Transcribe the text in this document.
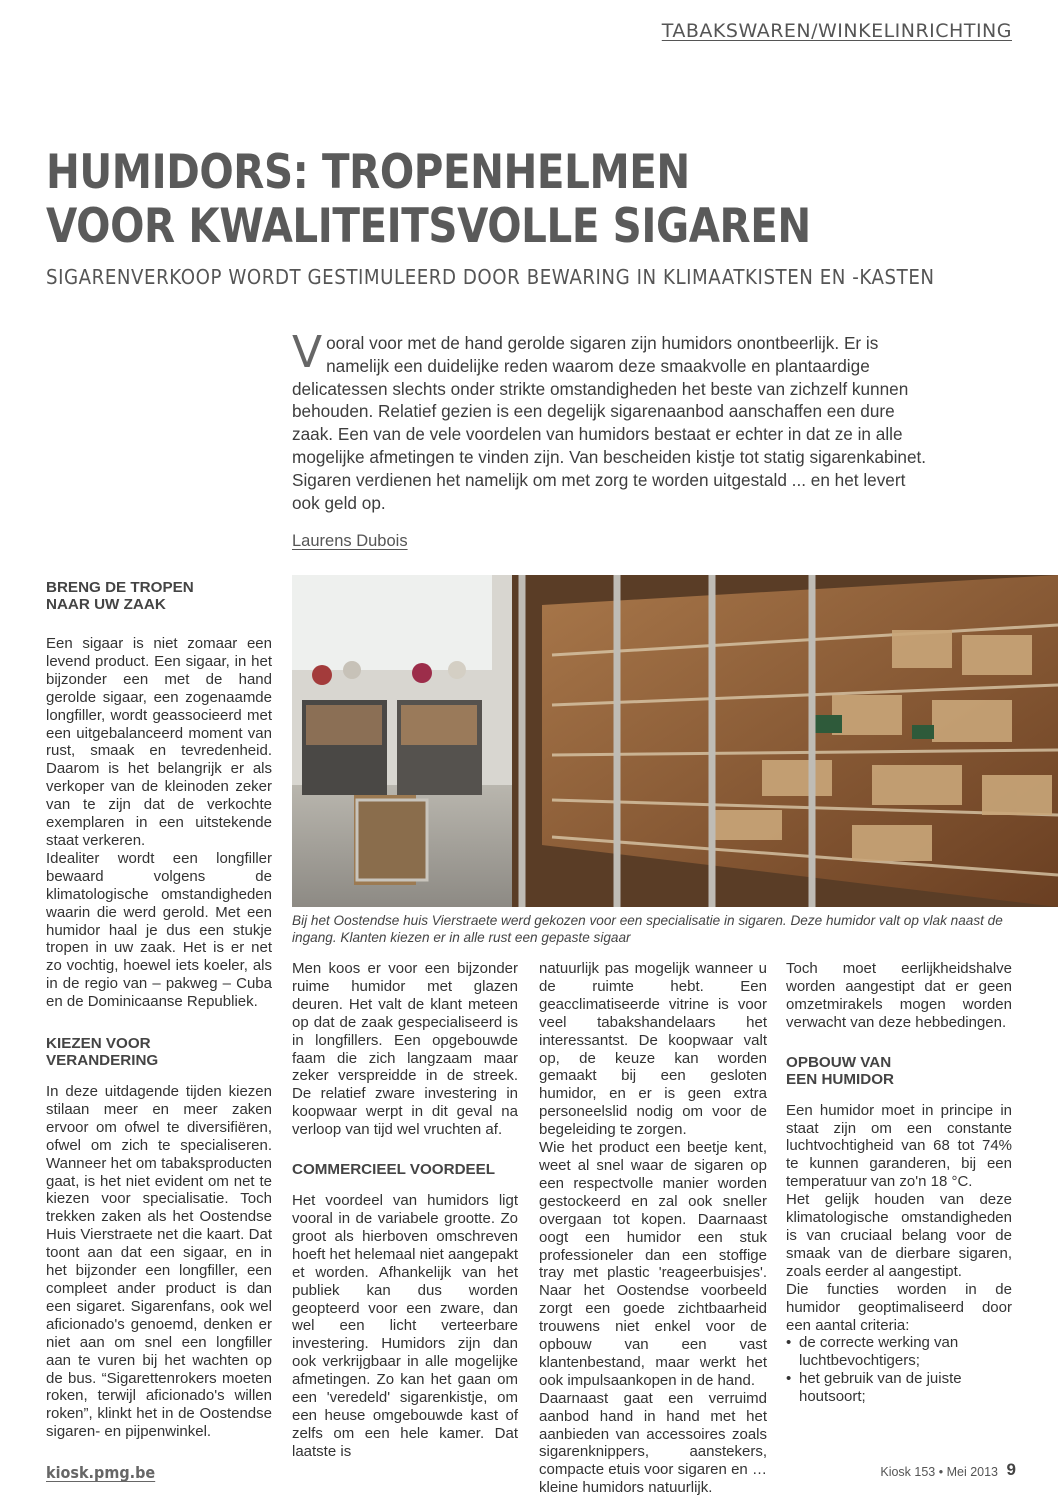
TABAKSWAREN/WINKELINRICHTING
HUMIDORS: TROPENHELMEN
VOOR KWALITEITSVOLLE SIGAREN
SIGARENVERKOOP WORDT GESTIMULEERD DOOR BEWARING IN KLIMAATKISTEN EN -KASTEN

Vooral voor met de hand gerolde sigaren zijn humidors onontbeerlijk. Er is namelijk een duidelijke reden waarom deze smaakvolle en plantaardige delicatessen slechts onder strikte omstandigheden het beste van zichzelf kunnen behouden. Relatief gezien is een degelijk sigarenaanbod aanschaffen een dure zaak. Een van de vele voordelen van humidors bestaat er echter in dat ze in alle mogelijke afmetingen te vinden zijn. Van bescheiden kistje tot statig sigarenkabinet. Sigaren verdienen het namelijk om met zorg te worden uitgestald ... en het levert ook geld op.

Laurens Dubois
BRENG DE TROPEN NAAR UW ZAAK

Een sigaar is niet zomaar een levend product. Een sigaar, in het bijzonder een met de hand gerolde sigaar, een zogenaamde longfiller, wordt geassocieerd met een uitgebalanceerd moment van rust, smaak en tevredenheid. Daarom is het belangrijk er als verkoper van de kleinoden zeker van te zijn dat de verkochte exemplaren in een uitstekende staat verkeren.

Idealiter wordt een longfiller bewaard volgens de klimatologische omstandigheden waarin die werd gerold. Met een humidor haal je dus een stukje tropen in uw zaak. Het is er net zo vochtig, hoewel iets koeler, als in de regio van – pakweg – Cuba en de Dominicaanse Republiek.

KIEZEN VOOR VERANDERING

In deze uitdagende tijden kiezen stilaan meer en meer zaken ervoor om ofwel te diversifiëren, ofwel om zich te specialiseren. Wanneer het om tabaksproducten gaat, is het niet evident om net te kiezen voor specialisatie. Toch trekken zaken als het Oostendse Huis Vierstraete net die kaart. Dat toont aan dat een sigaar, en in het bijzonder een longfiller, een compleet ander product is dan een sigaret. Sigarenfans, ook wel aficionado's genoemd, denken er niet aan om snel een longfiller aan te vuren bij het wachten op de bus. “Sigarettenrokers moeten roken, terwijl aficionado's willen roken”, klinkt het in de Oostendse sigaren- en pijpenwinkel.

Bij het Oostendse huis Vierstraete werd gekozen voor een specialisatie in sigaren. Deze humidor valt op vlak naast de ingang. Klanten kiezen er in alle rust een gepaste sigaar

Men koos er voor een bijzonder ruime humidor met glazen deuren. Het valt de klant meteen op dat de zaak gespecialiseerd is in longfillers. Een opgebouwde faam die zich langzaam maar zeker verspreidde in de streek. De relatief zware investering in koopwaar werpt in dit geval na verloop van tijd wel vruchten af.

COMMERCIEEL VOORDEEL

Het voordeel van humidors ligt vooral in de variabele grootte. Zo groot als hierboven omschreven hoeft het helemaal niet aangepakt et worden. Afhankelijk van het publiek kan dus worden geopteerd voor een zware, dan wel een licht verteerbare investering. Humidors zijn dan ook verkrijgbaar in alle mogelijke afmetingen. Zo kan het gaan om een 'veredeld' sigarenkistje, om een heuse omgebouwde kast of zelfs om een hele kamer. Dat laatste is

natuurlijk pas mogelijk wanneer u de ruimte hebt. Een geacclimatiseerde vitrine is voor veel tabakshandelaars het interessantst. De koopwaar valt op, de keuze kan worden gemaakt bij een gesloten humidor, en er is geen extra personeelslid nodig om voor de begeleiding te zorgen.

Wie het product een beetje kent, weet al snel waar de sigaren op een respectvolle manier worden gestockeerd en zal ook sneller overgaan tot kopen. Daarnaast oogt een humidor een stuk professioneler dan een stoffige tray met plastic 'reageerbuisjes'. Naar het Oostendse voorbeeld zorgt een goede zichtbaarheid trouwens niet enkel voor de opbouw van een vast klantenbestand, maar werkt het ook impulsaankopen in de hand.

Daarnaast gaat een verruimd aanbod hand in hand met het aanbieden van accessoires zoals sigarenknippers, aanstekers, compacte etuis voor sigaren en … kleine humidors natuurlijk.

Toch moet eerlijkheidshalve worden aangestipt dat er geen omzetmirakels mogen worden verwacht van deze hebbedingen.

OPBOUW VAN EEN HUMIDOR

Een humidor moet in principe in staat zijn om een constante luchtvochtigheid van 68 tot 74% te kunnen garanderen, bij een temperatuur van zo'n 18 °C.

Het gelijk houden van deze klimatologische omstandigheden is van cruciaal belang voor de smaak van de dierbare sigaren, zoals eerder al aangestipt.

Die functies worden in de humidor geoptimaliseerd door een aantal criteria:

• de correcte werking van luchtbevochtigers;
• het gebruik van de juiste houtsoort;
kiosk.pmg.be	Kiosk 153 • Mei 2013 9
